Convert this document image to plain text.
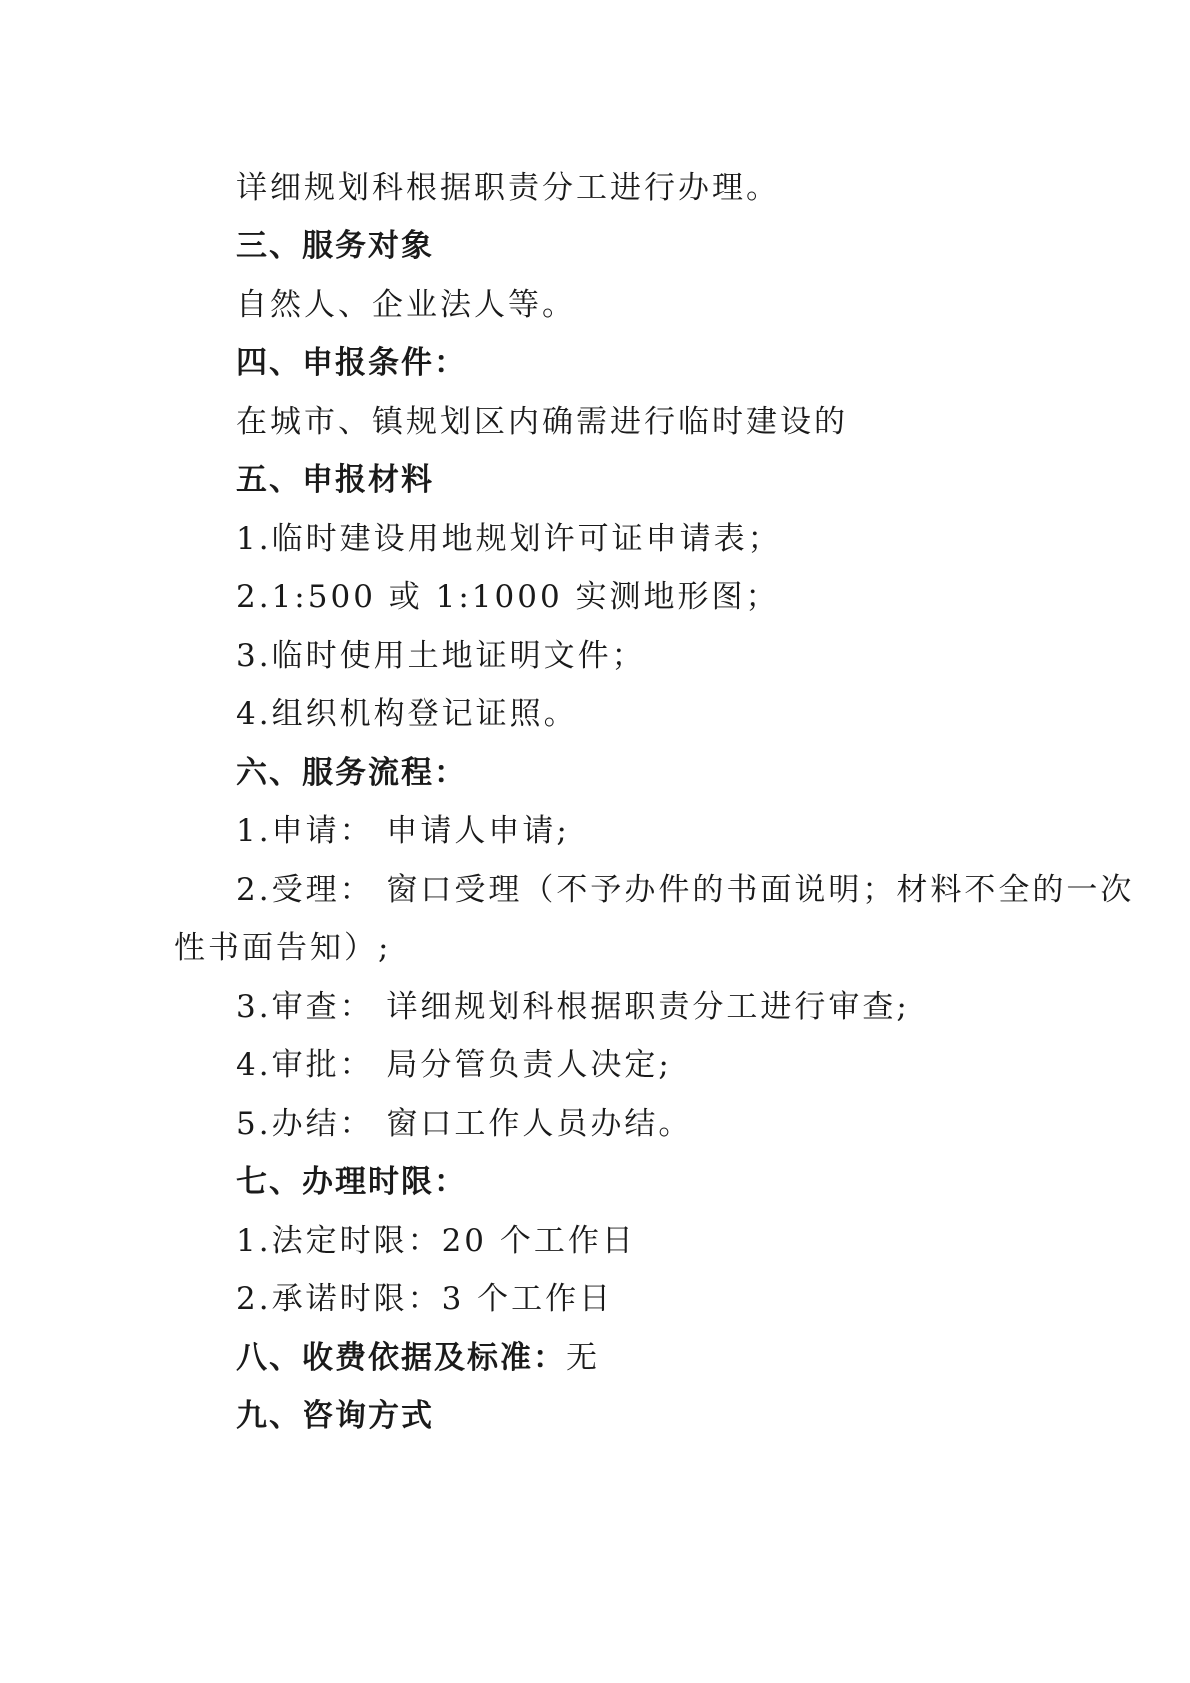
详细规划科根据职责分工进行办理。
三、服务对象
自然人、企业法人等。
四、申报条件：
在城市、镇规划区内确需进行临时建设的
五、申报材料
1.临时建设用地规划许可证申请表；
2.1:500 或 1:1000 实测地形图；
3.临时使用土地证明文件；
4.组织机构登记证照。
六、服务流程：
1.申请： 申请人申请;
2.受理： 窗口受理（不予办件的书面说明；材料不全的一次
性书面告知）;
3.审查： 详细规划科根据职责分工进行审查;
4.审批： 局分管负责人决定;
5.办结： 窗口工作人员办结。
七、办理时限：
1.法定时限：20 个工作日
2.承诺时限：3 个工作日
八、收费依据及标准：无
九、咨询方式
